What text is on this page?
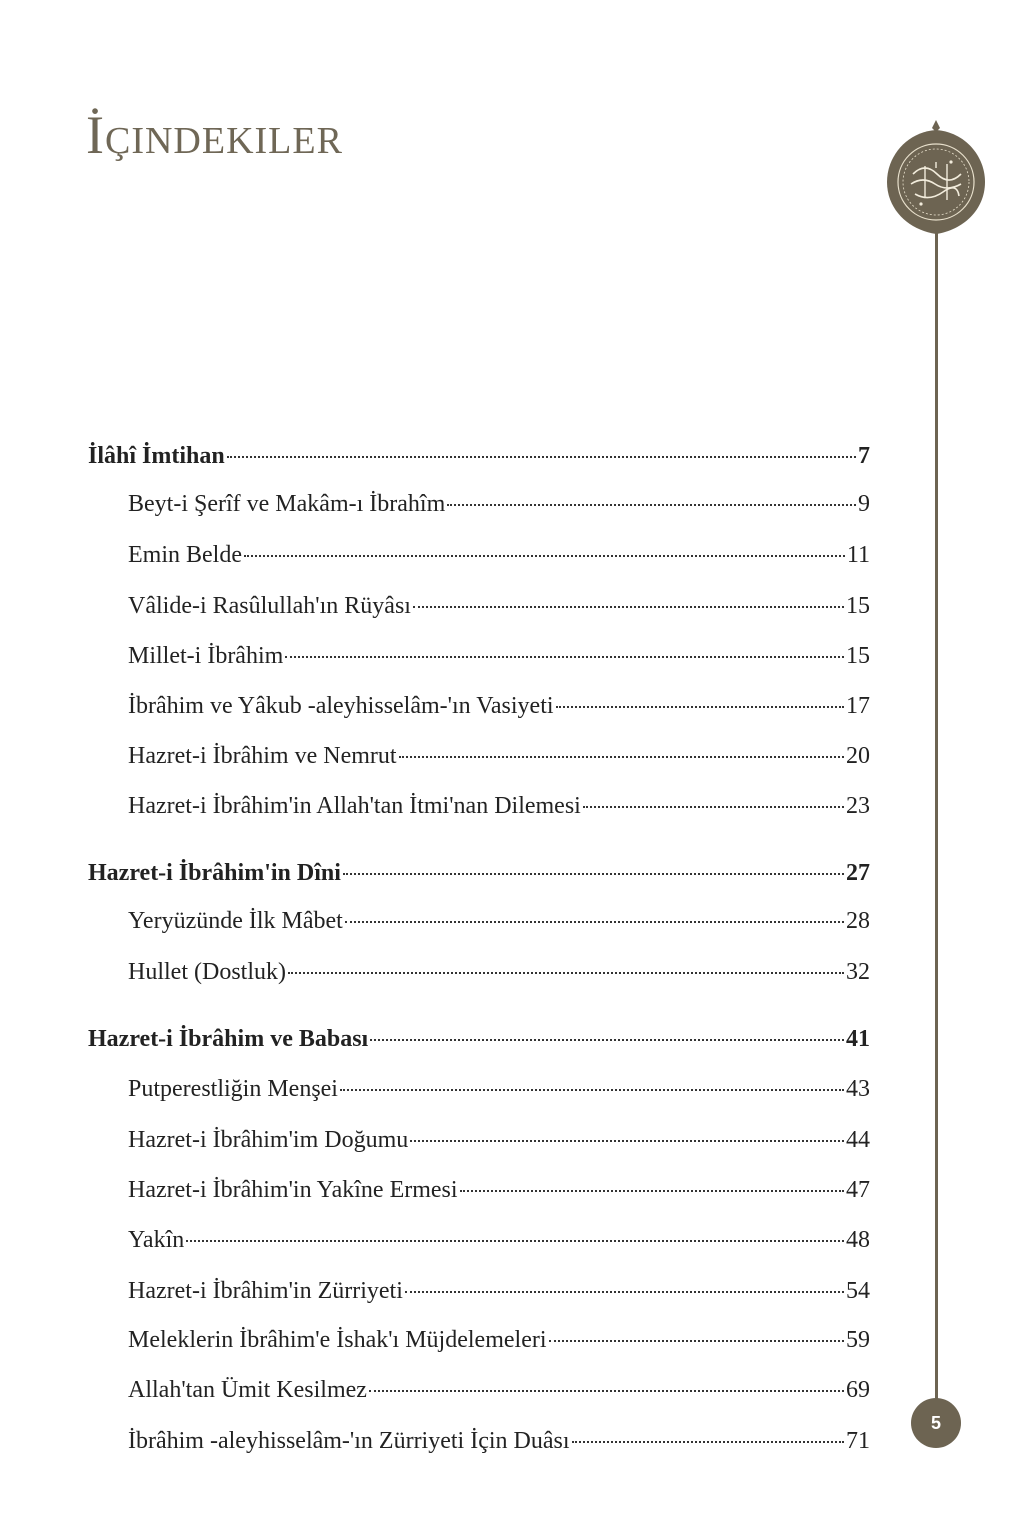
İçindekiler
5
İlâhî İmtihan	7
Beyt-i Şerîf ve Makâm-ı İbrahîm	9
Emin Belde	11
Vâlide-i Rasûlullah'ın Rüyâsı	15
Millet-i İbrâhim	15
İbrâhim ve Yâkub -aleyhisselâm-'ın Vasiyeti	17
Hazret-i İbrâhim ve Nemrut	20
Hazret-i İbrâhim'in Allah'tan İtmi'nan Dilemesi	23
Hazret-i İbrâhim'in Dîni	27
Yeryüzünde İlk Mâbet	28
Hullet (Dostluk)	32
Hazret-i İbrâhim ve Babası	41
Putperestliğin Menşei	43
Hazret-i İbrâhim'im Doğumu	44
Hazret-i İbrâhim'in Yakîne Ermesi	47
Yakîn	48
Hazret-i İbrâhim'in Zürriyeti	54
Meleklerin İbrâhim'e İshak'ı Müjdelemeleri	59
Allah'tan Ümit Kesilmez	69
İbrâhim -aleyhisselâm-'ın Zürriyeti İçin Duâsı	71
